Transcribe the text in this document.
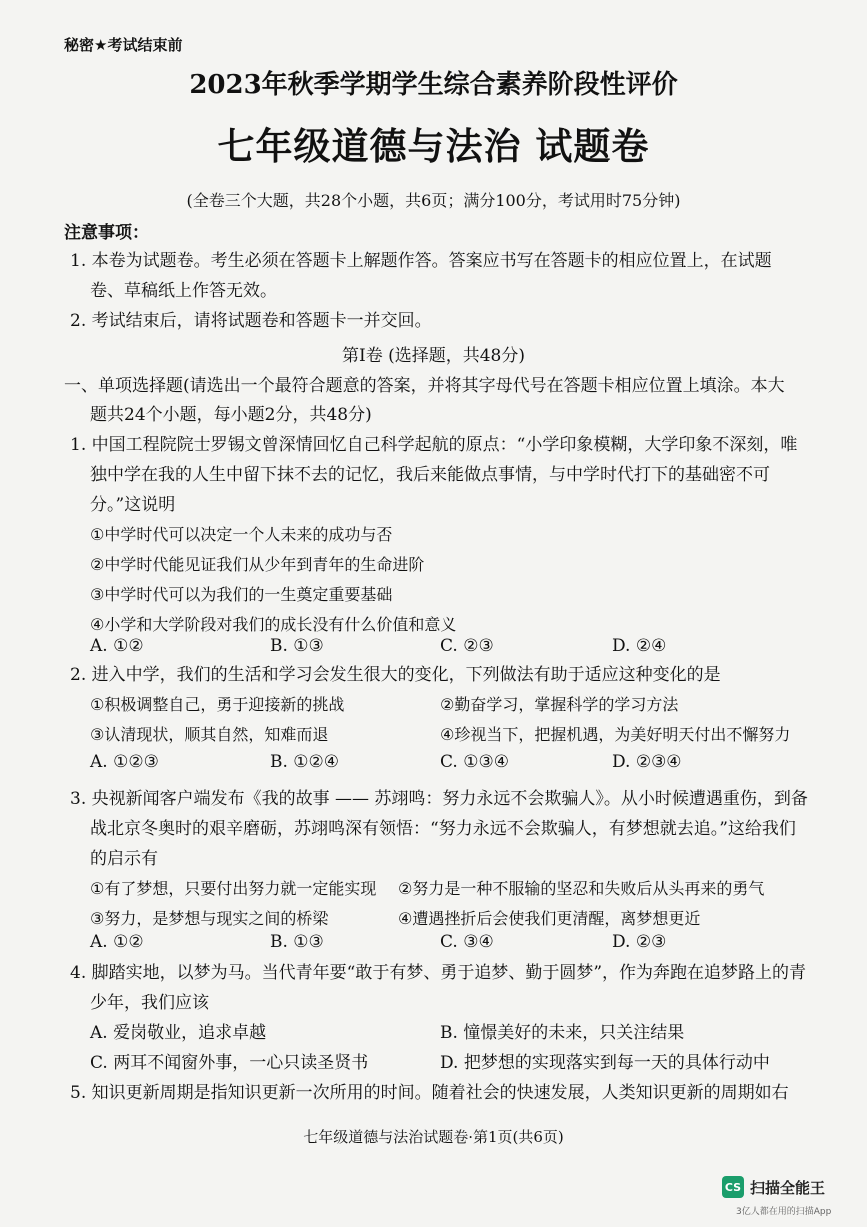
秘密★考试结束前
2023年秋季学期学生综合素养阶段性评价
七年级道德与法治 试题卷
(全卷三个大题，共28个小题，共6页；满分100分，考试用时75分钟)
注意事项：
1. 本卷为试题卷。考生必须在答题卡上解题作答。答案应书写在答题卡的相应位置上，在试题
卷、草稿纸上作答无效。
2. 考试结束后，请将试题卷和答题卡一并交回。
第Ⅰ卷 (选择题，共48分)
一、单项选择题(请选出一个最符合题意的答案，并将其字母代号在答题卡相应位置上填涂。本大
题共24个小题，每小题2分，共48分)
1. 中国工程院院士罗锡文曾深情回忆自己科学起航的原点：“小学印象模糊，大学印象不深刻，唯
独中学在我的人生中留下抹不去的记忆，我后来能做点事情，与中学时代打下的基础密不可
分。”这说明
①中学时代可以决定一个人未来的成功与否
②中学时代能见证我们从少年到青年的生命进阶
③中学时代可以为我们的一生奠定重要基础
④小学和大学阶段对我们的成长没有什么价值和意义
A. ①②	B. ①③	C. ②③	D. ②④
2. 进入中学，我们的生活和学习会发生很大的变化，下列做法有助于适应这种变化的是
①积极调整自己，勇于迎接新的挑战	②勤奋学习，掌握科学的学习方法
③认清现状，顺其自然，知难而退	④珍视当下，把握机遇，为美好明天付出不懈努力
A. ①②③	B. ①②④	C. ①③④	D. ②③④
3. 央视新闻客户端发布《我的故事 —— 苏翊鸣：努力永远不会欺骗人》。从小时候遭遇重伤，到备
战北京冬奥时的艰辛磨砺，苏翊鸣深有领悟：“努力永远不会欺骗人，有梦想就去追。”这给我们
的启示有
①有了梦想，只要付出努力就一定能实现 ②努力是一种不服输的坚忍和失败后从头再来的勇气
③努力，是梦想与现实之间的桥梁	④遭遇挫折后会使我们更清醒，离梦想更近
A. ①②	B. ①③	C. ③④	D. ②③
4. 脚踏实地，以梦为马。当代青年要“敢于有梦、勇于追梦、勤于圆梦”，作为奔跑在追梦路上的青
少年，我们应该
A. 爱岗敬业，追求卓越	B. 憧憬美好的未来，只关注结果
C. 两耳不闻窗外事，一心只读圣贤书	D. 把梦想的实现落实到每一天的具体行动中
5. 知识更新周期是指知识更新一次所用的时间。随着社会的快速发展，人类知识更新的周期如右
七年级道德与法治试题卷·第1页(共6页)
CS 扫描全能王
3亿人都在用的扫描App
